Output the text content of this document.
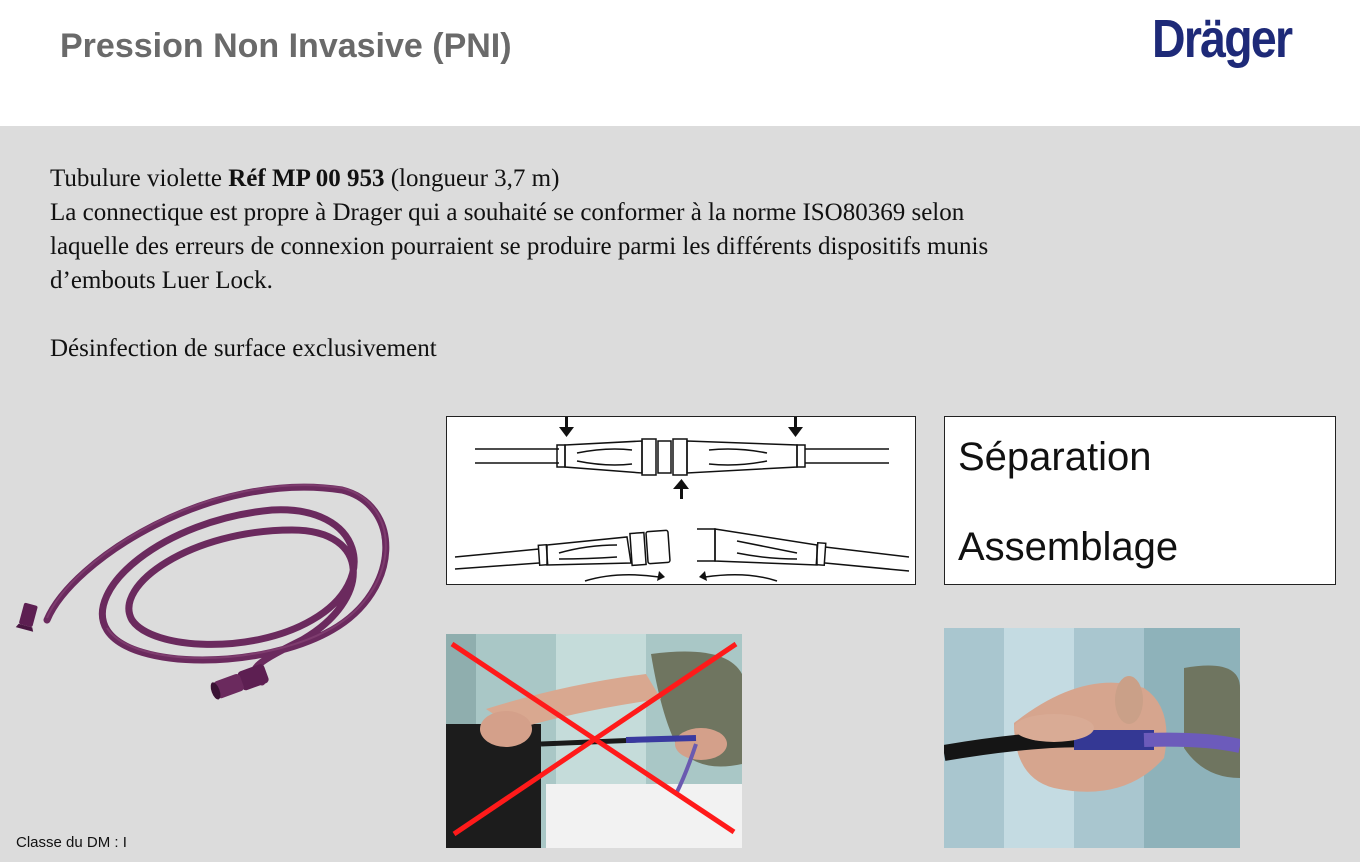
Pression Non Invasive (PNI)	Dräger

Tubulure violette Réf MP 00 953 (longueur 3,7 m)

La connectique est propre à Drager qui a souhaité se conformer à la norme ISO80369 selon

laquelle des erreurs de connexion pourraient se produire parmi les différents dispositifs munis

d’embouts Luer Lock.

Désinfection de surface exclusivement

Séparation
Assemblage
Classe du DM : I
